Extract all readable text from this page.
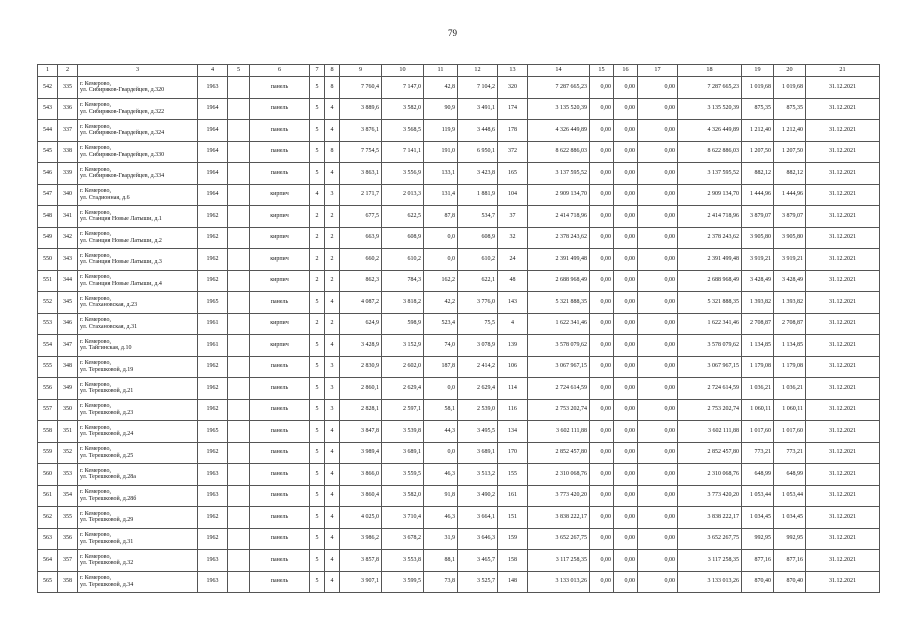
79
1	2	3	4	5	6	7	8	9	10	11	12	13	14	15	16	17	18	19	20	21
542	335	г. Кемерово,
ул. Сибиряков-Гвардейцев, д.320	1963		панель	5	8	7 760,4	7 147,0	42,8	7 104,2	320	7 287 665,23	0,00	0,00	0,00	7 287 665,23	1 019,68	1 019,68	31.12.2021
543	336	г. Кемерово,
ул. Сибиряков-Гвардейцев, д.322	1964		панель	5	4	3 889,6	3 582,0	90,9	3 491,1	174	3 135 520,39	0,00	0,00	0,00	3 135 520,39	875,35	875,35	31.12.2021
544	337	г. Кемерово,
ул. Сибиряков-Гвардейцев, д.324	1964		панель	5	4	3 876,1	3 568,5	119,9	3 448,6	178	4 326 449,89	0,00	0,00	0,00	4 326 449,89	1 212,40	1 212,40	31.12.2021
545	338	г. Кемерово,
ул. Сибиряков-Гвардейцев, д.330	1964		панель	5	8	7 754,5	7 141,1	191,0	6 950,1	372	8 622 886,03	0,00	0,00	0,00	8 622 886,03	1 207,50	1 207,50	31.12.2021
546	339	г. Кемерово,
ул. Сибиряков-Гвардейцев, д.334	1964		панель	5	4	3 863,1	3 556,9	133,1	3 423,8	165	3 137 595,52	0,00	0,00	0,00	3 137 595,52	882,12	882,12	31.12.2021
547	340	г. Кемерово,
ул. Стадионная, д.6	1964		кирпич	4	3	2 171,7	2 013,3	131,4	1 881,9	104	2 909 134,70	0,00	0,00	0,00	2 909 134,70	1 444,96	1 444,96	31.12.2021
548	341	г. Кемерово,
ул. Станция Новые Латыши, д.1	1962		кирпич	2	2	677,5	622,5	87,8	534,7	37	2 414 718,96	0,00	0,00	0,00	2 414 718,96	3 879,07	3 879,07	31.12.2021
549	342	г. Кемерово,
ул. Станция Новые Латыши, д.2	1962		кирпич	2	2	663,9	608,9	0,0	608,9	32	2 378 243,62	0,00	0,00	0,00	2 378 243,62	3 905,80	3 905,80	31.12.2021
550	343	г. Кемерово,
ул. Станция Новые Латыши, д.3	1962		кирпич	2	2	660,2	610,2	0,0	610,2	24	2 391 499,48	0,00	0,00	0,00	2 391 499,48	3 919,21	3 919,21	31.12.2021
551	344	г. Кемерово,
ул. Станция Новые Латыши, д.4	1962		кирпич	2	2	862,3	784,3	162,2	622,1	48	2 688 968,49	0,00	0,00	0,00	2 688 968,49	3 428,49	3 428,49	31.12.2021
552	345	г. Кемерово,
ул. Стахановская, д.23	1965		панель	5	4	4 087,2	3 818,2	42,2	3 776,0	143	5 321 888,35	0,00	0,00	0,00	5 321 888,35	1 393,82	1 393,82	31.12.2021
553	346	г. Кемерово,
ул. Стахановская, д.31	1961		кирпич	2	2	624,9	598,9	523,4	75,5	4	1 622 341,46	0,00	0,00	0,00	1 622 341,46	2 708,87	2 708,87	31.12.2021
554	347	г. Кемерово,
ул. Тайгинская, д.10	1961		кирпич	5	4	3 428,9	3 152,9	74,0	3 078,9	139	3 578 079,62	0,00	0,00	0,00	3 578 079,62	1 134,85	1 134,85	31.12.2021
555	348	г. Кемерово,
ул. Терешковой, д.19	1962		панель	5	3	2 830,9	2 602,0	187,8	2 414,2	106	3 067 967,15	0,00	0,00	0,00	3 067 967,15	1 179,08	1 179,08	31.12.2021
556	349	г. Кемерово,
ул. Терешковой, д.21	1962		панель	5	3	2 860,1	2 629,4	0,0	2 629,4	114	2 724 614,59	0,00	0,00	0,00	2 724 614,59	1 036,21	1 036,21	31.12.2021
557	350	г. Кемерово,
ул. Терешковой, д.23	1962		панель	5	3	2 828,1	2 597,1	58,1	2 539,0	116	2 753 202,74	0,00	0,00	0,00	2 753 202,74	1 060,11	1 060,11	31.12.2021
558	351	г. Кемерово,
ул. Терешковой, д.24	1965		панель	5	4	3 847,8	3 539,8	44,3	3 495,5	134	3 602 111,88	0,00	0,00	0,00	3 602 111,88	1 017,60	1 017,60	31.12.2021
559	352	г. Кемерово,
ул. Терешковой, д.25	1962		панель	5	4	3 989,4	3 689,1	0,0	3 689,1	170	2 852 457,80	0,00	0,00	0,00	2 852 457,80	773,21	773,21	31.12.2021
560	353	г. Кемерово,
ул. Терешковой, д.28а	1963		панель	5	4	3 866,0	3 559,5	46,3	3 513,2	155	2 310 068,76	0,00	0,00	0,00	2 310 068,76	648,99	648,99	31.12.2021
561	354	г. Кемерово,
ул. Терешковой, д.28б	1963		панель	5	4	3 860,4	3 582,0	91,8	3 490,2	161	3 773 420,20	0,00	0,00	0,00	3 773 420,20	1 053,44	1 053,44	31.12.2021
562	355	г. Кемерово,
ул. Терешковой, д.29	1962		панель	5	4	4 025,0	3 710,4	46,3	3 664,1	151	3 838 222,17	0,00	0,00	0,00	3 838 222,17	1 034,45	1 034,45	31.12.2021
563	356	г. Кемерово,
ул. Терешковой, д.31	1962		панель	5	4	3 986,2	3 678,2	31,9	3 646,3	159	3 652 267,75	0,00	0,00	0,00	3 652 267,75	992,95	992,95	31.12.2021
564	357	г. Кемерово,
ул. Терешковой, д.32	1963		панель	5	4	3 857,8	3 553,8	88,1	3 465,7	158	3 117 258,35	0,00	0,00	0,00	3 117 258,35	877,16	877,16	31.12.2021
565	358	г. Кемерово,
ул. Терешковой, д.34	1963		панель	5	4	3 907,1	3 599,5	73,8	3 525,7	148	3 133 013,26	0,00	0,00	0,00	3 133 013,26	870,40	870,40	31.12.2021
